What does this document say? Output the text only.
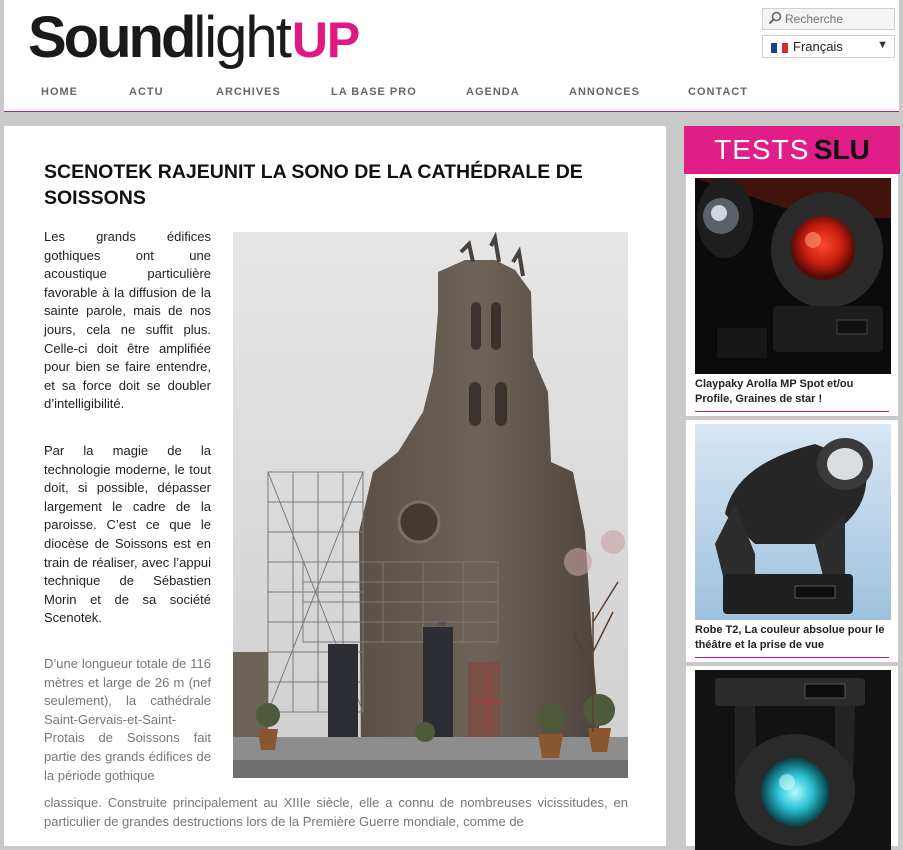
SoundlightUP
Recherche	Français	▼
HOME	ACTU	ARCHIVES	LA BASE PRO	AGENDA	ANNONCES	CONTACT
SCENOTEK RAJEUNIT LA SONO DE LA CATHÉDRALE DE SOISSONS

Les grands édifices gothiques ont une acoustique particulière favorable à la diffusion de la sainte parole, mais de nos jours, cela ne suffit plus. Celle-ci doit être amplifiée pour bien se faire entendre, et sa force doit se doubler d’intelligibilité.

Par la magie de la technologie moderne, le tout doit, si possible, dépasser largement le cadre de la paroisse. C’est ce que le diocèse de Soissons est en train de réaliser, avec l’appui technique de Sébastien Morin et de sa société Scenotek.

D’une longueur totale de 116 mètres et large de 26 m (nef seulement), la cathédrale Saint-Gervais-et-Saint-Protais de Soissons fait partie des grands édifices de la période gothique

classique. Construite principalement au XIIIe siècle, elle a connu de nombreuses vicissitudes, en particulier de grandes destructions lors de la Première Guerre mondiale, comme de

TESTS SLU
Claypaky Arolla MP Spot et/ou Profile, Graines de star !
Robe T2, La couleur absolue pour le théâtre et la prise de vue
